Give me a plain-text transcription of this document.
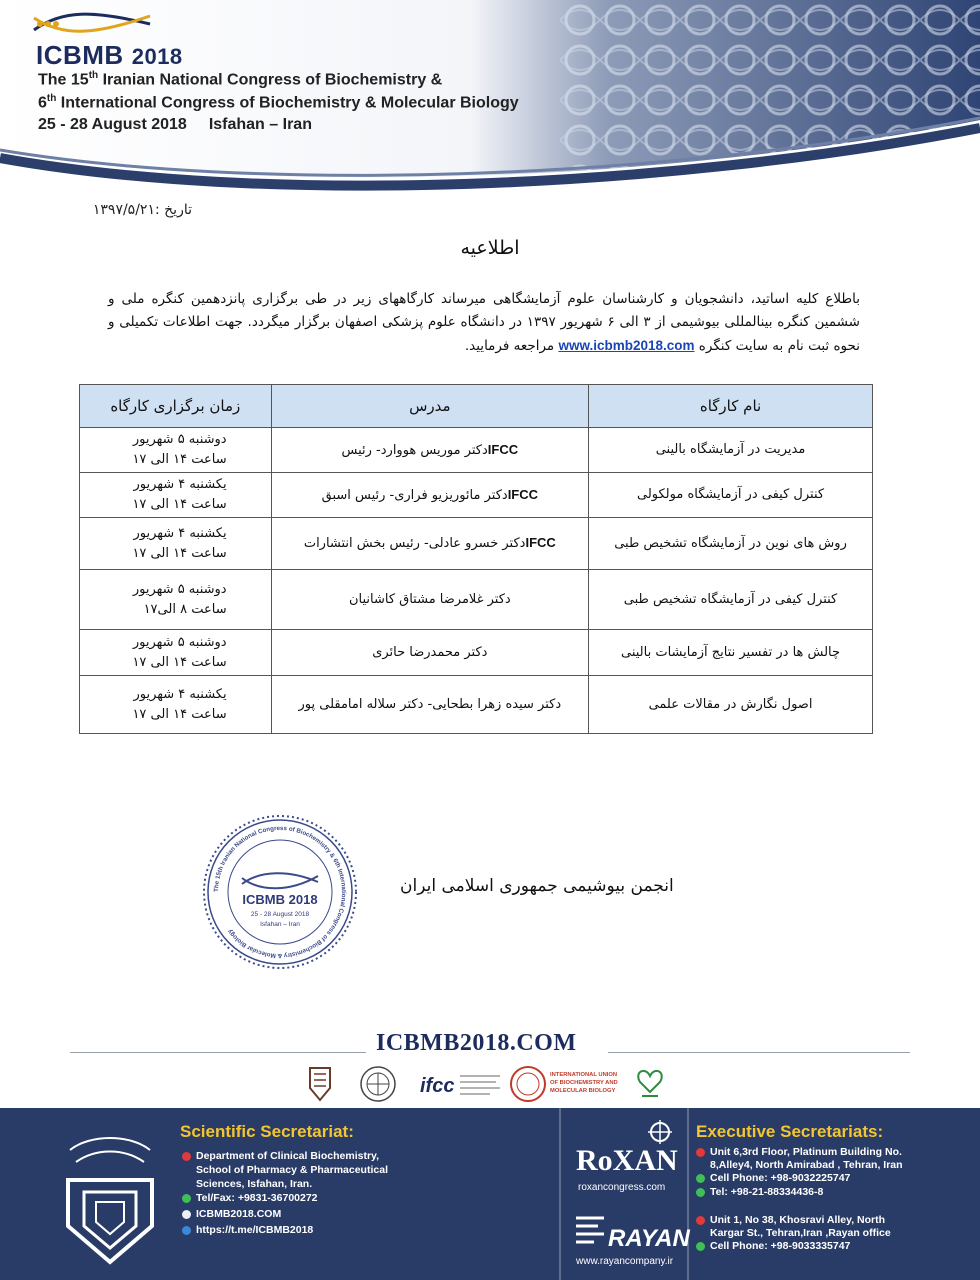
ICBMB 2018
The 15th Iranian National Congress of Biochemistry &
6th International Congress of Biochemistry & Molecular Biology
25 - 28 August 2018 Isfahan – Iran
تاریخ :۱۳۹۷/۵/۲۱
اطلاعیه
باطلاع کلیه اساتید، دانشجویان و کارشناسان علوم آزمایشگاهی میرساند کارگاههای زیر در طی برگزاری پانزدهمین کنگره ملی و ششمین کنگره بینالمللی بیوشیمی از ۳ الی ۶ شهریور ۱۳۹۷ در دانشگاه علوم پزشکی اصفهان برگزار میگردد. جهت اطلاعات تکمیلی و نحوه ثبت نام به سایت کنگره www.icbmb2018.com مراجعه فرمایید.
نام کارگاه	مدرس	زمان برگزاری کارگاه
مدیریت در آزمایشگاه بالینی	IFCCدکتر موریس هووارد- رئیس	دوشنبه ۵ شهریور
ساعت ۱۴ الی ۱۷

کنترل کیفی در آزمایشگاه مولکولی	IFCCدکتر مائوریزیو فراری- رئیس اسبق	یکشنبه ۴ شهریور
ساعت ۱۴ الی ۱۷

روش های نوین در آزمایشگاه تشخیص طبی	IFCCدکتر خسرو عادلی- رئیس بخش انتشارات	یکشنبه ۴ شهریور
ساعت ۱۴ الی ۱۷

کنترل کیفی در آزمایشگاه تشخیص طبی	دکتر غلامرضا مشتاق کاشانیان	دوشنبه ۵ شهریور
ساعت ۸ الی۱۷

چالش ها در تفسیر نتایج آزمایشات بالینی	دکتر محمدرضا حائری	دوشنبه ۵ شهریور
ساعت ۱۴ الی ۱۷

اصول نگارش در مقالات علمی	دکتر سیده زهرا بطحایی- دکتر سلاله امامقلی پور	یکشنبه ۴ شهریور
ساعت ۱۴ الی ۱۷
The 15th Iranian National Congress of Biochemistry & 6th International Congress of Biochemistry & Molecular Biology
ICBMB 2018
25 - 28 August 2018
Isfahan – Iran
انجمن بیوشیمی جمهوری اسلامی ایران
ICBMB2018.COM
ifcc	INTERNATIONAL UNION
OF BIOCHEMISTRY AND
MOLECULAR BIOLOGY
Scientific Secretariat:
Department of Clinical Biochemistry,
School of Pharmacy & Pharmaceutical
Sciences, Isfahan, Iran.
Tel/Fax: +9831-36700272
ICBMB2018.COM
https://t.me/ICBMB2018
RoXAN
roxancongress.com
RAYAN
www.rayancompany.ir
Executive Secretariats:
Unit 6,3rd Floor, Platinum Building No.
8,Alley4, North Amirabad , Tehran, Iran
Cell Phone: +98-9032225747
Tel: +98-21-88334436-8
Unit 1, No 38, Khosravi Alley, North
Kargar St., Tehran,Iran ,Rayan office
Cell Phone: +98-9033335747
